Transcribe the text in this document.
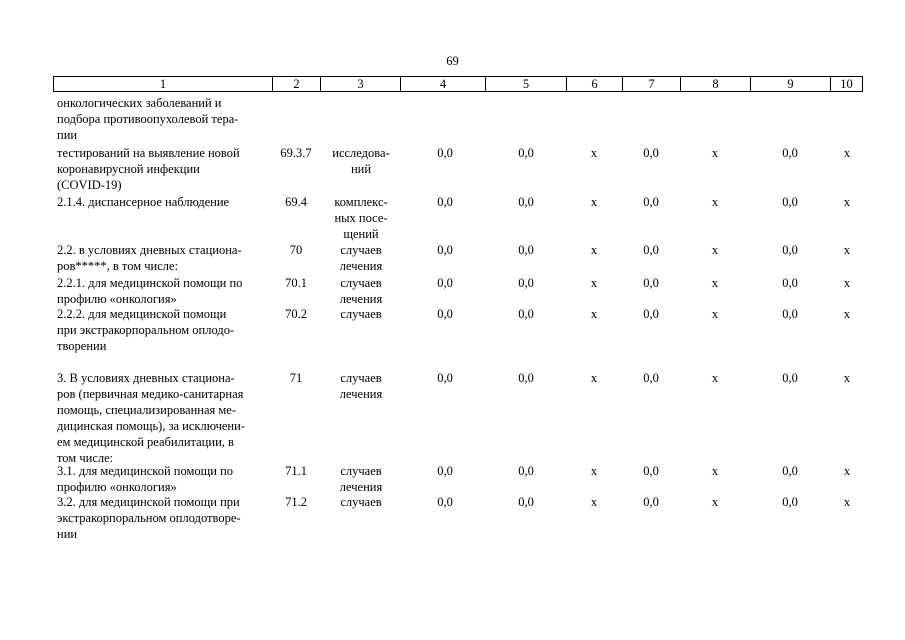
69
1	2	3	4	5	6	7	8	9	10
онкологических заболеваний и
подбора противоопухолевой тера-
пии
тестирований на выявление новой
коронавирусной инфекции
(COVID-19)
69.3.7	исследова-
ний
0,0	0,0	x	0,0	x	0,0	x
2.1.4. диспансерное наблюдение	69.4	комплекс-
ных посе-
щений
0,0	0,0	x	0,0	x	0,0	x
2.2. в условиях дневных стациона-
ров*****, в том числе:
70	случаев
лечения
0,0	0,0	x	0,0	x	0,0	x
2.2.1. для медицинской помощи по
профилю «онкология»
70.1	случаев
лечения
0,0	0,0	x	0,0	x	0,0	x
2.2.2. для медицинской помощи
при экстракорпоральном оплодо-
творении
70.2	случаев	0,0	0,0	x	0,0	x	0,0	x
3. В условиях дневных стациона-
ров (первичная медико-санитарная
помощь, специализированная ме-
дицинская помощь), за исключени-
ем медицинской реабилитации, в
том числе:
71	случаев
лечения
0,0	0,0	x	0,0	x	0,0	x
3.1. для медицинской помощи по
профилю «онкология»
71.1	случаев
лечения
0,0	0,0	x	0,0	x	0,0	x
3.2. для медицинской помощи при
экстракорпоральном оплодотворе-
нии
71.2	случаев	0,0	0,0	x	0,0	x	0,0	x
